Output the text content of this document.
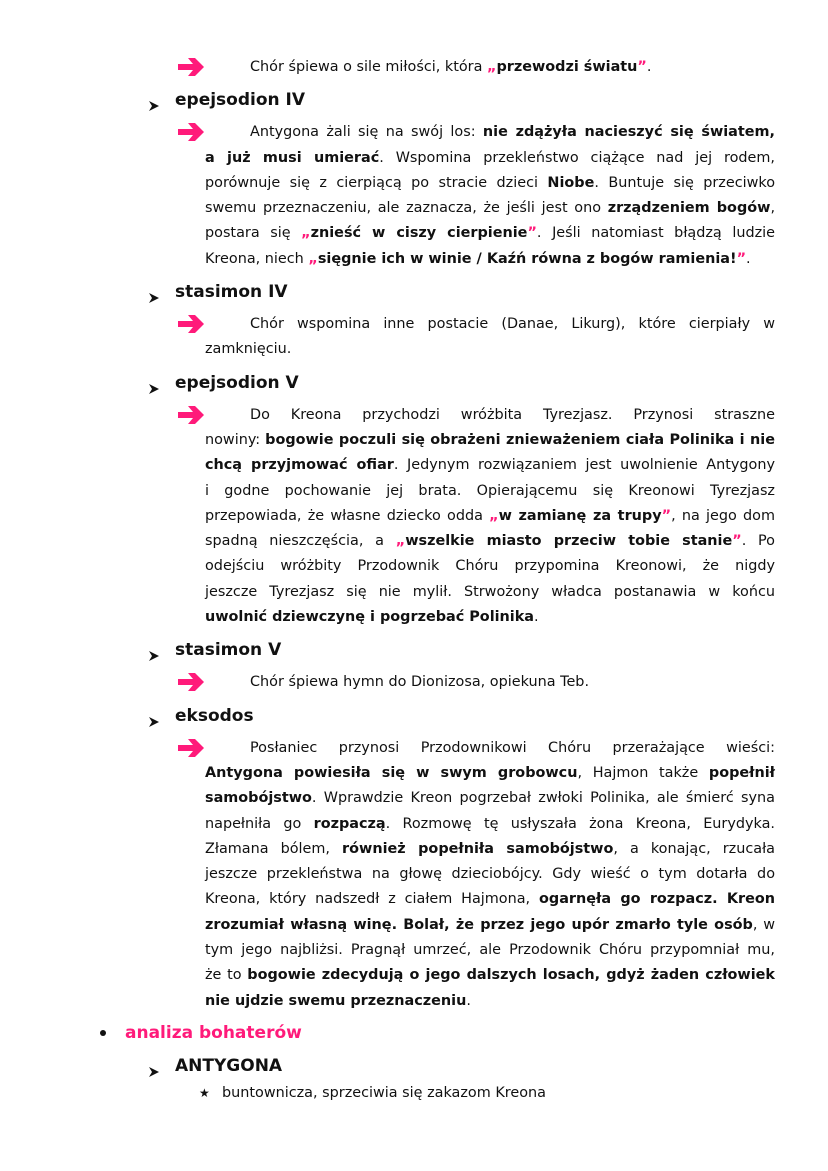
Chór śpiewa o sile miłości, która „przewodzi światu”.
epejsodion IV
Antygona żali się na swój los: nie zdążyła nacieszyć się światem,
a już musi umierać. Wspomina przekleństwo ciążące nad jej rodem,
porównuje się z cierpiącą po stracie dzieci Niobe. Buntuje się przeciwko
swemu przeznaczeniu, ale zaznacza, że jeśli jest ono zrządzeniem bogów,
postara się „znieść w ciszy cierpienie”. Jeśli natomiast błądzą ludzie
Kreona, niech „sięgnie ich w winie / Kaźń równa z bogów ramienia!”.
stasimon IV
Chór wspomina inne postacie (Danae, Likurg), które cierpiały w
zamknięciu.
epejsodion V
Do Kreona przychodzi wróżbita Tyrezjasz. Przynosi straszne
nowiny: bogowie poczuli się obrażeni znieważeniem ciała Polinika i nie
chcą przyjmować ofiar. Jedynym rozwiązaniem jest uwolnienie Antygony
i godne pochowanie jej brata. Opierającemu się Kreonowi Tyrezjasz
przepowiada, że własne dziecko odda „w zamianę za trupy”, na jego dom
spadną nieszczęścia, a „wszelkie miasto przeciw tobie stanie”. Po
odejściu wróżbity Przodownik Chóru przypomina Kreonowi, że nigdy
jeszcze Tyrezjasz się nie mylił. Strwożony władca postanawia w końcu
uwolnić dziewczynę i pogrzebać Polinika.
stasimon V
Chór śpiewa hymn do Dionizosa, opiekuna Teb.
eksodos
Posłaniec przynosi Przodownikowi Chóru przerażające wieści:
Antygona powiesiła się w swym grobowcu, Hajmon także popełnił
samobójstwo. Wprawdzie Kreon pogrzebał zwłoki Polinika, ale śmierć syna
napełniła go rozpaczą. Rozmowę tę usłyszała żona Kreona, Eurydyka.
Złamana bólem, również popełniła samobójstwo, a konając, rzucała
jeszcze przekleństwa na głowę dzieciobójcy. Gdy wieść o tym dotarła do
Kreona, który nadszedł z ciałem Hajmona, ogarnęła go rozpacz. Kreon
zrozumiał własną winę. Bolał, że przez jego upór zmarło tyle osób, w
tym jego najbliżsi. Pragnął umrzeć, ale Przodownik Chóru przypomniał mu,
że to bogowie zdecydują o jego dalszych losach, gdyż żaden człowiek
nie ujdzie swemu przeznaczeniu.
analiza bohaterów
ANTYGONA
★ buntownicza, sprzeciwia się zakazom Kreona
